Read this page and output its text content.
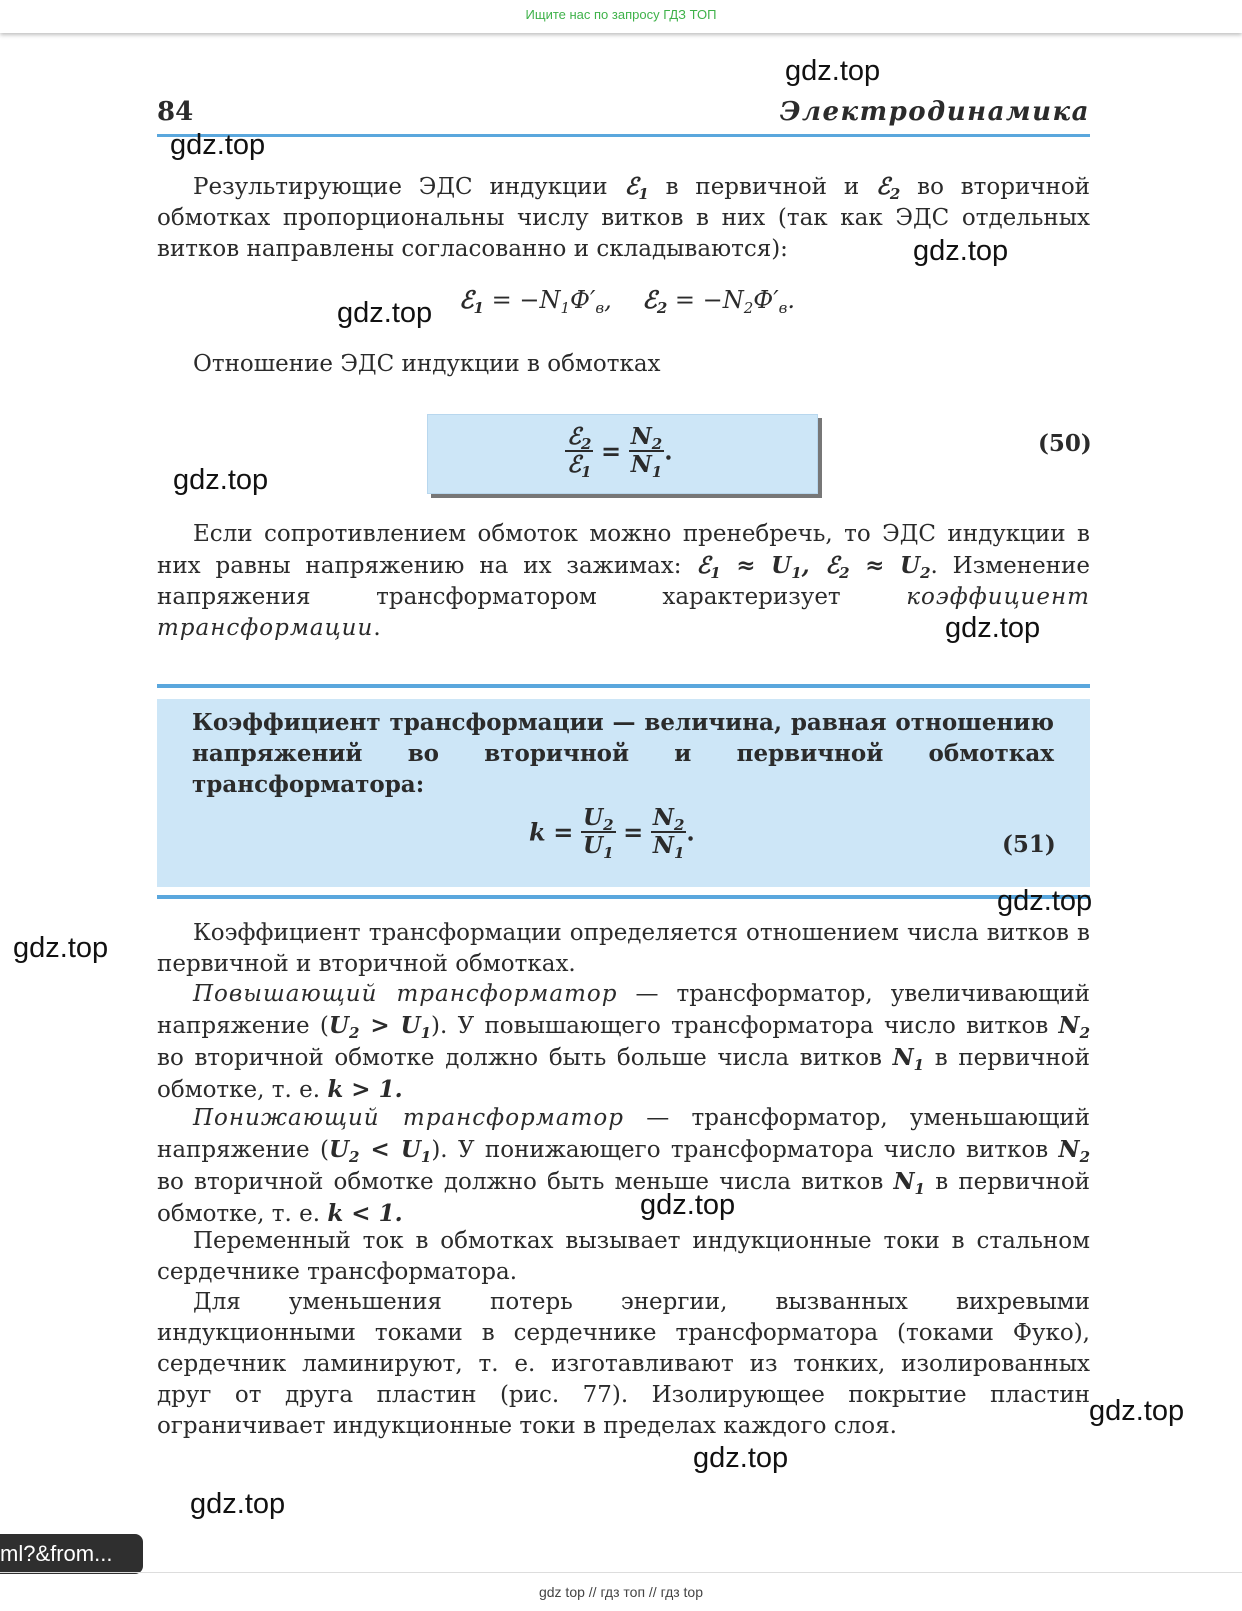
Ищите нас по запросу ГДЗ ТОП
84	Электродинамика
Результирующие ЭДС индукции ℰ$_1$ в первичной и ℰ$_2$ во вторичной обмотках пропорциональны числу витков в них (так как ЭДС отдельных витков направлены согласованно и складываются):
ℰ$_1$ = $-N_1Ф'_в$, ℰ$_2$ = $-N_2Ф'_в$.
Отношение ЭДС индукции в обмотках
$\frac{ℰ_2}{ℰ_1} = \frac{N_2}{N_1}$ .	(50)
Если сопротивлением обмоток можно пренебречь, то ЭДС индукции в них равны напряжению на их зажимах: ℰ$_1$ ≈ $U_1$, ℰ$_2$ ≈ $U_2$. Изменение напряжения трансформатором характеризует коэффициент трансформации.
Коэффициент трансформации — величина, равная отношению напряжений во вторичной и первичной обмотках трансформатора:
$k = \frac{U_2}{U_1} = \frac{N_2}{N_1}$ .	(51)
Коэффициент трансформации определяется отношением числа витков в первичной и вторичной обмотках.
Повышающий трансформатор — трансформатор, увеличивающий напряжение $(U_2 > U_1)$. У повышающего трансформатора число витков $N_2$ во вторичной обмотке должно быть больше числа витков $N_1$ в первичной обмотке, т. е. k > 1.
Понижающий трансформатор — трансформатор, уменьшающий напряжение $(U_2 < U_1)$. У понижающего трансформатора число витков $N_2$ во вторичной обмотке должно быть меньше числа витков $N_1$ в первичной обмотке, т. е. k < 1.
Переменный ток в обмотках вызывает индукционные токи в стальном сердечнике трансформатора.
Для уменьшения потерь энергии, вызванных вихревыми индукционными токами в сердечнике трансформатора (токами Фуко), сердечник ламинируют, т. е. изготавливают из тонких, изолированных друг от друга пластин (рис. 77). Изолирующее покрытие пластин ограничивает индукционные токи в пределах каждого слоя.
gdz.top
gdz.top
gdz.top
gdz.top
gdz.top
gdz.top
gdz.top
gdz.top
gdz.top
gdz.top
gdz.top
gdz.top
ml?&from...
gdz top // гдз топ // гдз top
